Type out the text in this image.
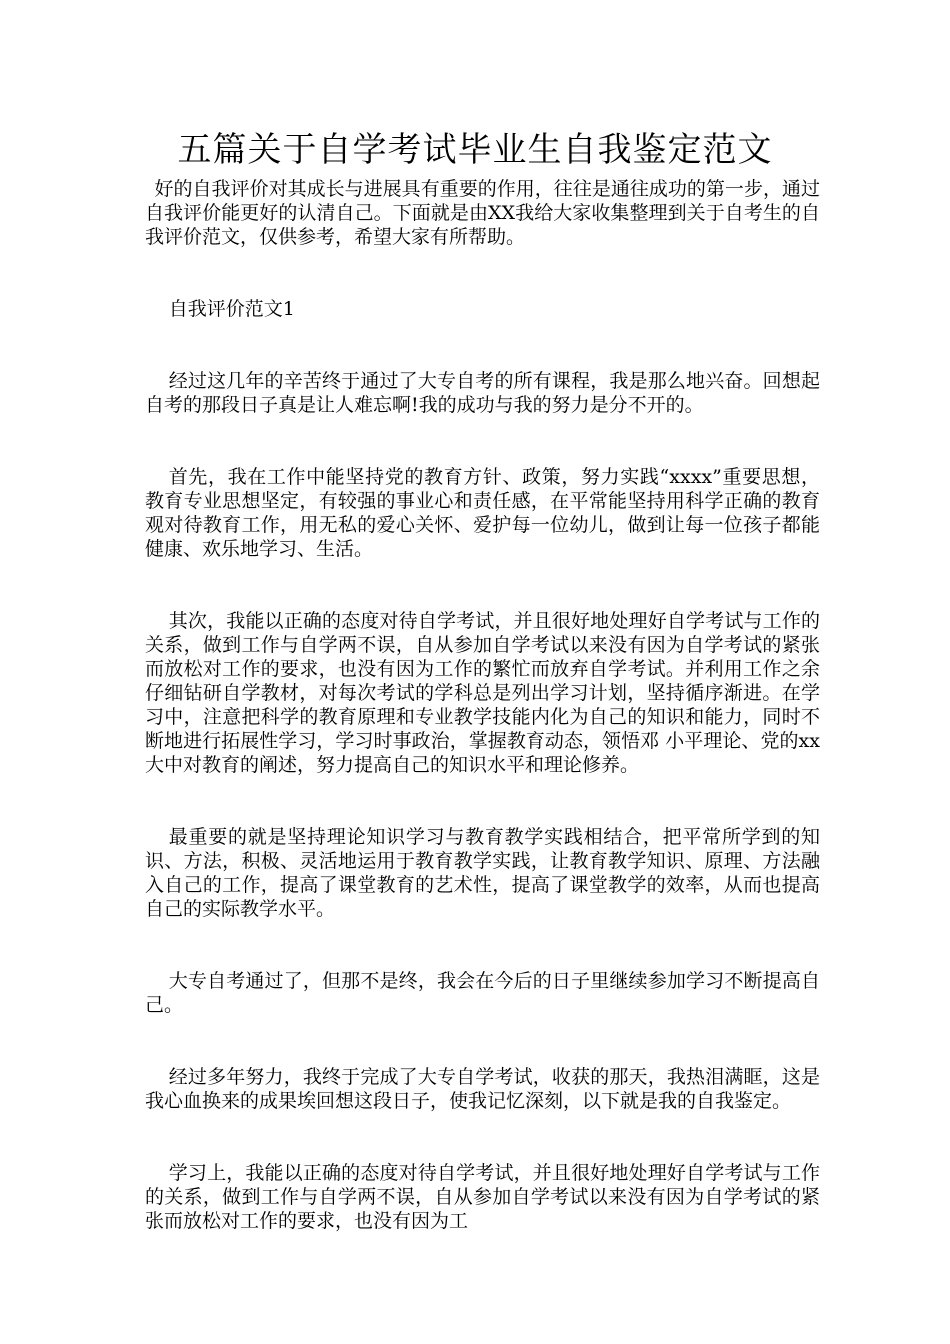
五篇关于自学考试毕业生自我鉴定范文

好的自我评价对其成长与进展具有重要的作用，往往是通往成功的第一步，通过自我评价能更好的认清自己。下面就是由XX我给大家收集整理到关于自考生的自我评价范文，仅供参考，希望大家有所帮助。

自我评价范文1

经过这几年的辛苦终于通过了大专自考的所有课程，我是那么地兴奋。回想起自考的那段日子真是让人难忘啊!我的成功与我的努力是分不开的。

首先，我在工作中能坚持党的教育方针、政策，努力实践“xxxx”重要思想，教育专业思想坚定，有较强的事业心和责任感，在平常能坚持用科学正确的教育观对待教育工作，用无私的爱心关怀、爱护每一位幼儿，做到让每一位孩子都能健康、欢乐地学习、生活。

其次，我能以正确的态度对待自学考试，并且很好地处理好自学考试与工作的关系，做到工作与自学两不误，自从参加自学考试以来没有因为自学考试的紧张而放松对工作的要求，也没有因为工作的繁忙而放弃自学考试。并利用工作之余仔细钻研自学教材，对每次考试的学科总是列出学习计划，坚持循序渐进。在学习中，注意把科学的教育原理和专业教学技能内化为自己的知识和能力，同时不断地进行拓展性学习，学习时事政治，掌握教育动态，领悟邓 小平理论、党的xx大中对教育的阐述，努力提高自己的知识水平和理论修养。

最重要的就是坚持理论知识学习与教育教学实践相结合，把平常所学到的知识、方法，积极、灵活地运用于教育教学实践，让教育教学知识、原理、方法融入自己的工作，提高了课堂教育的艺术性，提高了课堂教学的效率，从而也提高自己的实际教学水平。

大专自考通过了，但那不是终，我会在今后的日子里继续参加学习不断提高自己。

经过多年努力，我终于完成了大专自学考试，收获的那天，我热泪满眶，这是我心血换来的成果埃回想这段日子，使我记忆深刻，以下就是我的自我鉴定。

学习上，我能以正确的态度对待自学考试，并且很好地处理好自学考试与工作的关系，做到工作与自学两不误，自从参加自学考试以来没有因为自学考试的紧张而放松对工作的要求，也没有因为工
